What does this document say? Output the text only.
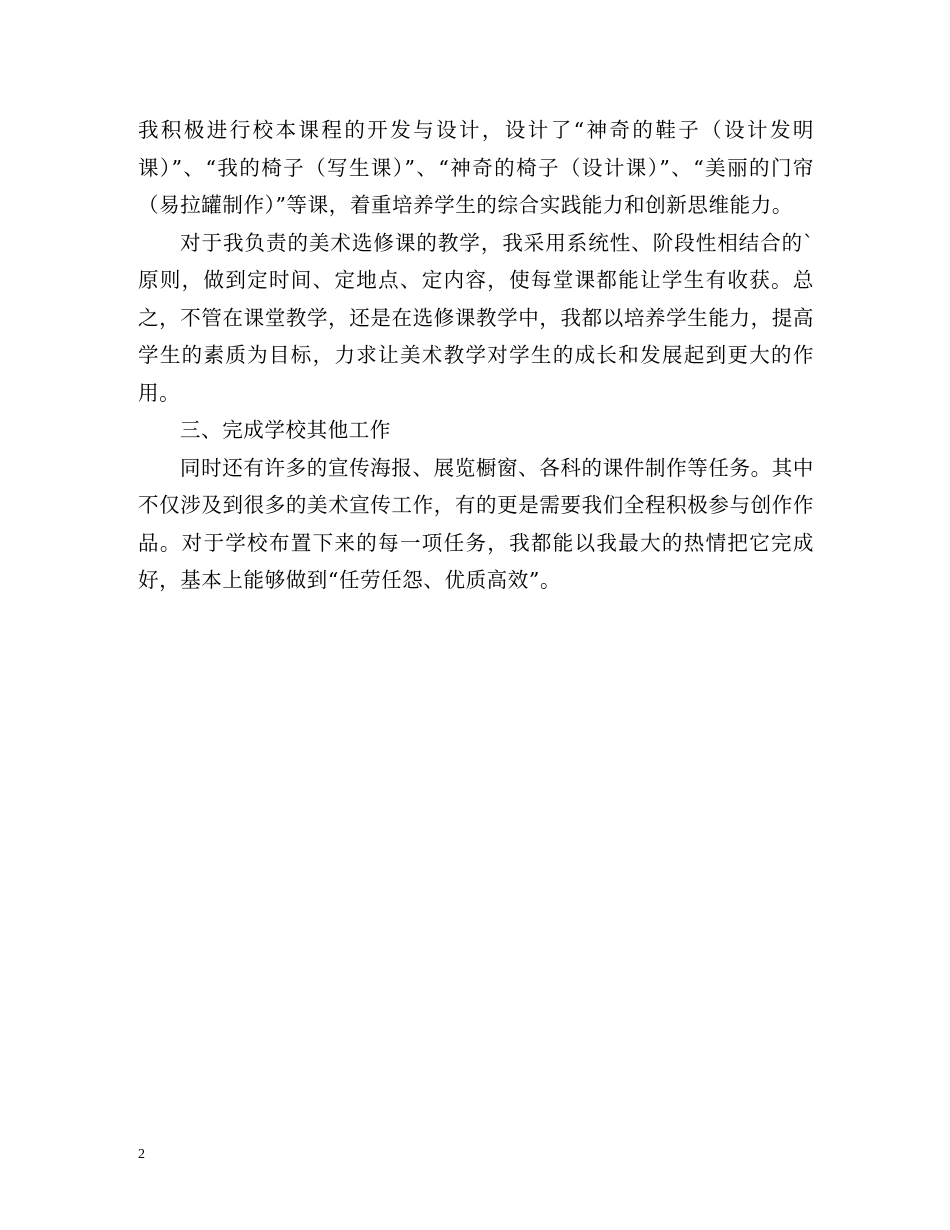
我积极进行校本课程的开发与设计，设计了“神奇的鞋子（设计发明课）”、“我的椅子（写生课）”、“神奇的椅子（设计课）”、“美丽的门帘（易拉罐制作）”等课，着重培养学生的综合实践能力和创新思维能力。

对于我负责的美术选修课的教学，我采用系统性、阶段性相结合的`原则，做到定时间、定地点、定内容，使每堂课都能让学生有收获。总之，不管在课堂教学，还是在选修课教学中，我都以培养学生能力，提高学生的素质为目标，力求让美术教学对学生的成长和发展起到更大的作用。

三、完成学校其他工作

同时还有许多的宣传海报、展览橱窗、各科的课件制作等任务。其中不仅涉及到很多的美术宣传工作，有的更是需要我们全程积极参与创作作品。对于学校布置下来的每一项任务，我都能以我最大的热情把它完成好，基本上能够做到“任劳任怨、优质高效”。

2
